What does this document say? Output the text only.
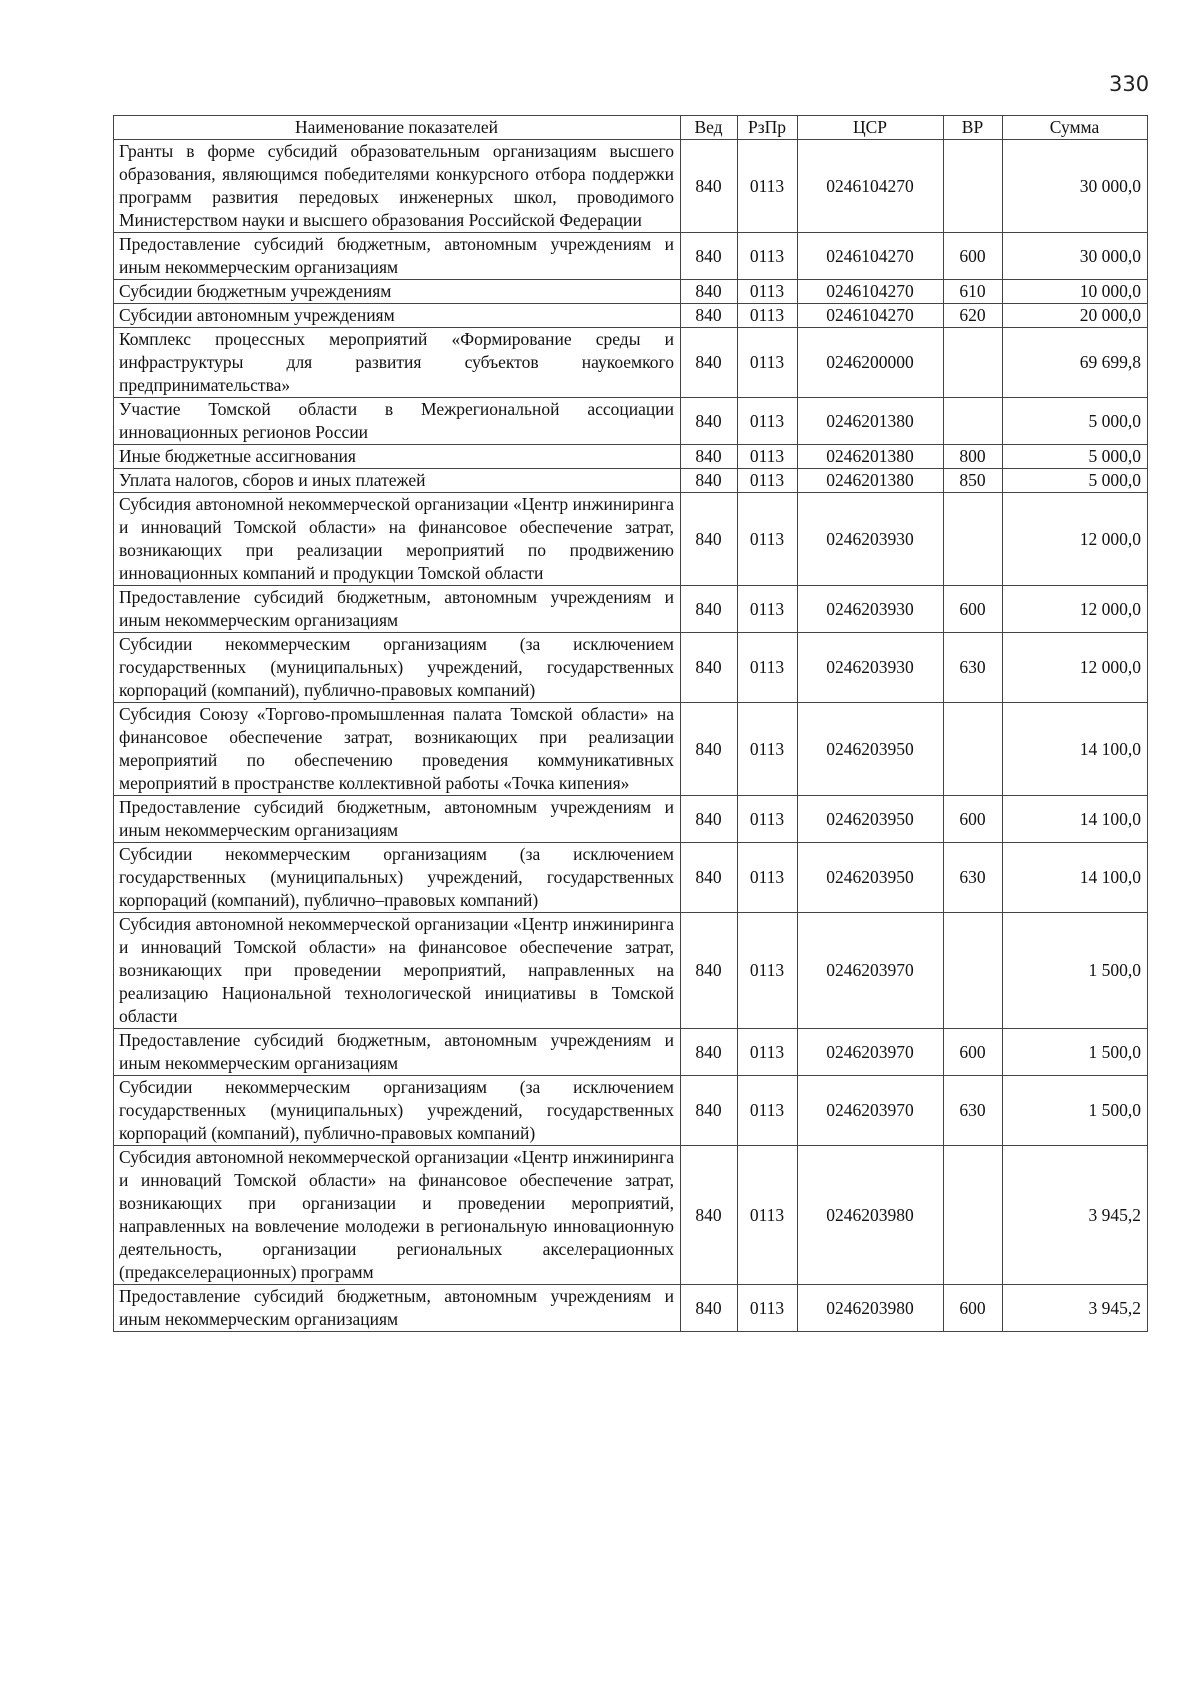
330
Наименование показателей	Вед	РзПр	ЦСР	ВР	Сумма
Гранты в форме субсидий образовательным организациям высшего образования, являющимся победителями конкурсного отбора поддержки программ развития передовых инженерных школ, проводимого Министерством науки и высшего образования Российской Федерации	840	0113	0246104270		30 000,0
Предоставление субсидий бюджетным, автономным учреждениям и иным некоммерческим организациям	840	0113	0246104270	600	30 000,0
Субсидии бюджетным учреждениям	840	0113	0246104270	610	10 000,0
Субсидии автономным учреждениям	840	0113	0246104270	620	20 000,0
Комплекс процессных мероприятий «Формирование среды и инфраструктуры для развития субъектов наукоемкого предпринимательства»	840	0113	0246200000		69 699,8
Участие Томской области в Межрегиональной ассоциации инновационных регионов России	840	0113	0246201380		5 000,0
Иные бюджетные ассигнования	840	0113	0246201380	800	5 000,0
Уплата налогов, сборов и иных платежей	840	0113	0246201380	850	5 000,0
Субсидия автономной некоммерческой организации «Центр инжиниринга и инноваций Томской области» на финансовое обеспечение затрат, возникающих при реализации мероприятий по продвижению инновационных компаний и продукции Томской области	840	0113	0246203930		12 000,0
Предоставление субсидий бюджетным, автономным учреждениям и иным некоммерческим организациям	840	0113	0246203930	600	12 000,0
Субсидии некоммерческим организациям (за исключением государственных (муниципальных) учреждений, государственных корпораций (компаний), публично-правовых компаний)	840	0113	0246203930	630	12 000,0
Субсидия Союзу «Торгово-промышленная палата Томской области» на финансовое обеспечение затрат, возникающих при реализации мероприятий по обеспечению проведения коммуникативных мероприятий в пространстве коллективной работы «Точка кипения»	840	0113	0246203950		14 100,0
Предоставление субсидий бюджетным, автономным учреждениям и иным некоммерческим организациям	840	0113	0246203950	600	14 100,0
Субсидии некоммерческим организациям (за исключением государственных (муниципальных) учреждений, государственных корпораций (компаний), публично–правовых компаний)	840	0113	0246203950	630	14 100,0
Субсидия автономной некоммерческой организации «Центр инжиниринга и инноваций Томской области» на финансовое обеспечение затрат, возникающих при проведении мероприятий, направленных на реализацию Национальной технологической инициативы в Томской области	840	0113	0246203970		1 500,0
Предоставление субсидий бюджетным, автономным учреждениям и иным некоммерческим организациям	840	0113	0246203970	600	1 500,0
Субсидии некоммерческим организациям (за исключением государственных (муниципальных) учреждений, государственных корпораций (компаний), публично-правовых компаний)	840	0113	0246203970	630	1 500,0
Субсидия автономной некоммерческой организации «Центр инжиниринга и инноваций Томской области» на финансовое обеспечение затрат, возникающих при организации и проведении мероприятий, направленных на вовлечение молодежи в региональную инновационную деятельность, организации региональных акселерационных (предакселерационных) программ	840	0113	0246203980		3 945,2
Предоставление субсидий бюджетным, автономным учреждениям и иным некоммерческим организациям	840	0113	0246203980	600	3 945,2
